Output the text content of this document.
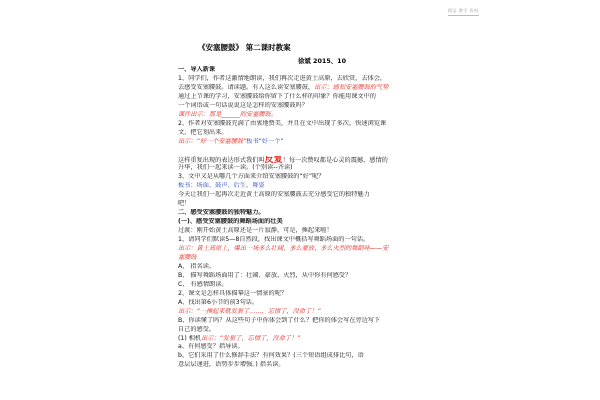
精品 教学 资料
《安塞腰鼓》 第二课时教案
徐斌 2015、10
一、导入新课
1、同学们，作者这激情地朗读，我们再次走进黄土高原，去欣赏，去体会，
去感受安塞腰鼓。请读题。有人这么读安塞腰鼓，出示：感知安塞腰鼓的气势
通过上节课的学习，安塞腰鼓给你留下了什么样的印象？你能用课文中的
一个词语或一句话说说这是怎样的安塞腰鼓吗？
课件出示：那是______的安塞腰鼓。
2、作者对安塞腰鼓充满了由衷地赞美，并且在文中出现了多次，快速浏览课
文，把它划出来。
出示：“好一个安塞腰鼓”板书“好一个”
这样重复出现的表达形式我们叫反复！每一次赞叹都是心灵的震撼、感情的
升华，我们一起来读一读。(个别读--齐读)
3、文中又是从哪几个方面来介绍安塞腰鼓的“好”呢？
板书：场面、鼓声、后生、舞姿
今天让我们一起再次走近黄土高原的安塞腰鼓去充分感受它的独特魅力
吧！
二、感受安塞腰鼓的独特魅力。
(一)、感受安塞腰鼓的舞蹈场面的壮美
过渡：刚开始黄土高原还是一片寂静，可是，捶起来啦！
1、请同学们默读5—8自然段，找出课文中概括写舞蹈场面的一句话。
出示：黄土高原上，爆出一场多么壮阔、多么豪放、多么火烈的舞蹈哇——安
塞腰鼓
A、 指名读。
B、 描写舞蹈场面用了：壮阔、豪放、火烈，从中你有何感受？
C、 有感情朗读。
2、课文是怎样具体描摹这一情景的呢？
A、找出第6小节的前3句话。
出示：“一捶起来就发狠了……，忘情了，没命了！”
B、你读懂了吗？从这些句子中你体会到了什么？把你的体会写在旁边写下
自己的感受。
(1) 相机出示：“发狠了，忘情了，没命了！”
a、有何感受？指导读。
b、它们采用了什么修辞手法？有何效果？(三个短语组成排比句，语
意层层递进，语势步步增强。) 指名读。
